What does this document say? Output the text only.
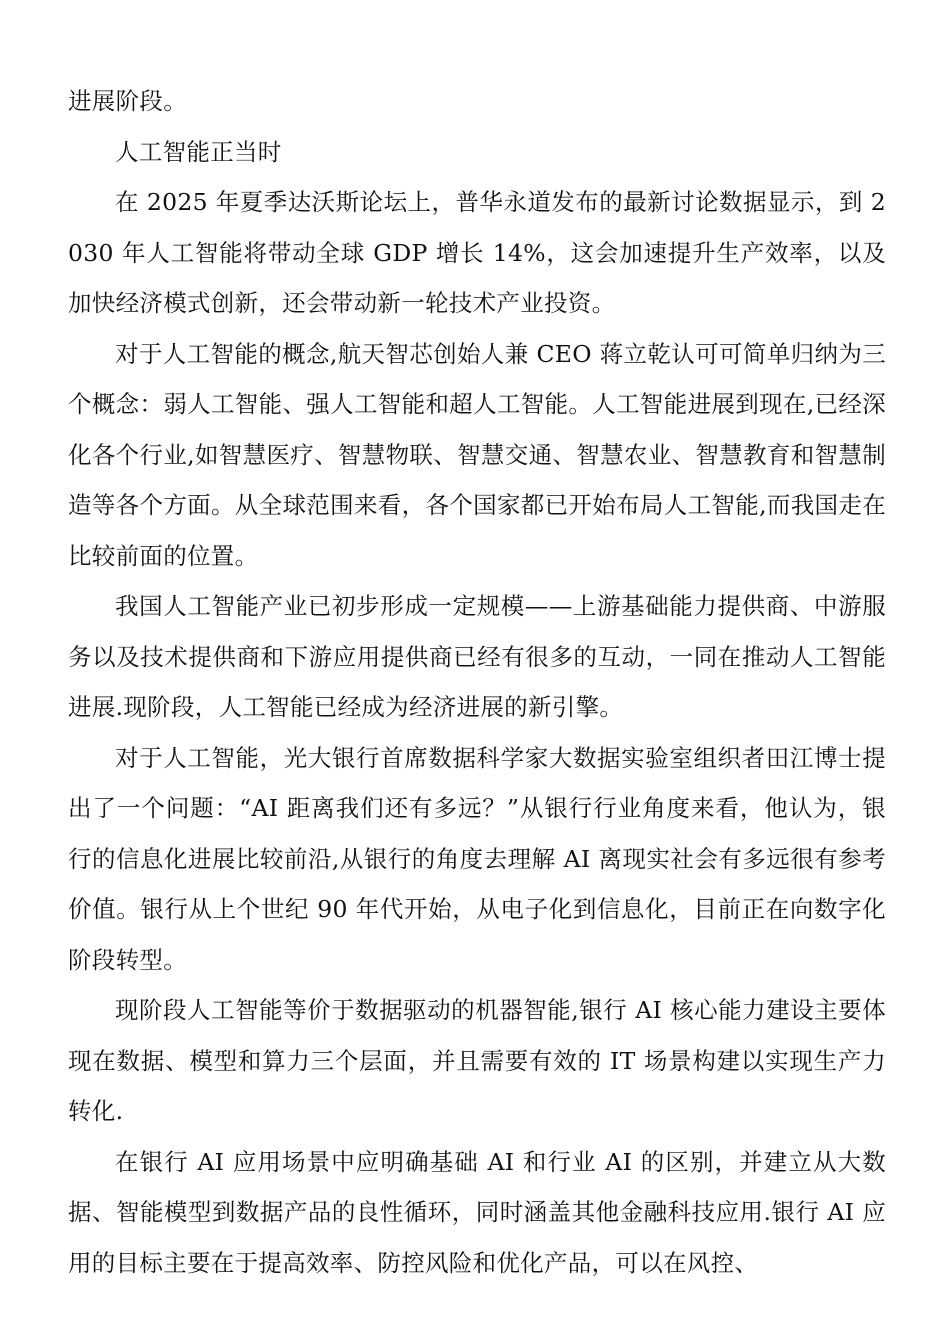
进展阶段。

人工智能正当时

在 2025 年夏季达沃斯论坛上，普华永道发布的最新讨论数据显示，到 2030 年人工智能将带动全球 GDP 增长 14%，这会加速提升生产效率，以及加快经济模式创新，还会带动新一轮技术产业投资。

对于人工智能的概念,航天智芯创始人兼 CEO 蒋立乾认可可简单归纳为三个概念：弱人工智能、强人工智能和超人工智能。人工智能进展到现在,已经深化各个行业,如智慧医疗、智慧物联、智慧交通、智慧农业、智慧教育和智慧制造等各个方面。从全球范围来看，各个国家都已开始布局人工智能,而我国走在比较前面的位置。

我国人工智能产业已初步形成一定规模——上游基础能力提供商、中游服务以及技术提供商和下游应用提供商已经有很多的互动，一同在推动人工智能进展.现阶段，人工智能已经成为经济进展的新引擎。

对于人工智能，光大银行首席数据科学家大数据实验室组织者田江博士提出了一个问题：“AI 距离我们还有多远？”从银行行业角度来看，他认为，银行的信息化进展比较前沿,从银行的角度去理解 AI 离现实社会有多远很有参考价值。银行从上个世纪 90 年代开始，从电子化到信息化，目前正在向数字化阶段转型。

现阶段人工智能等价于数据驱动的机器智能,银行 AI 核心能力建设主要体现在数据、模型和算力三个层面，并且需要有效的 IT 场景构建以实现生产力转化.

在银行 AI 应用场景中应明确基础 AI 和行业 AI 的区别，并建立从大数据、智能模型到数据产品的良性循环，同时涵盖其他金融科技应用.银行 AI 应用的目标主要在于提高效率、防控风险和优化产品，可以在风控、
